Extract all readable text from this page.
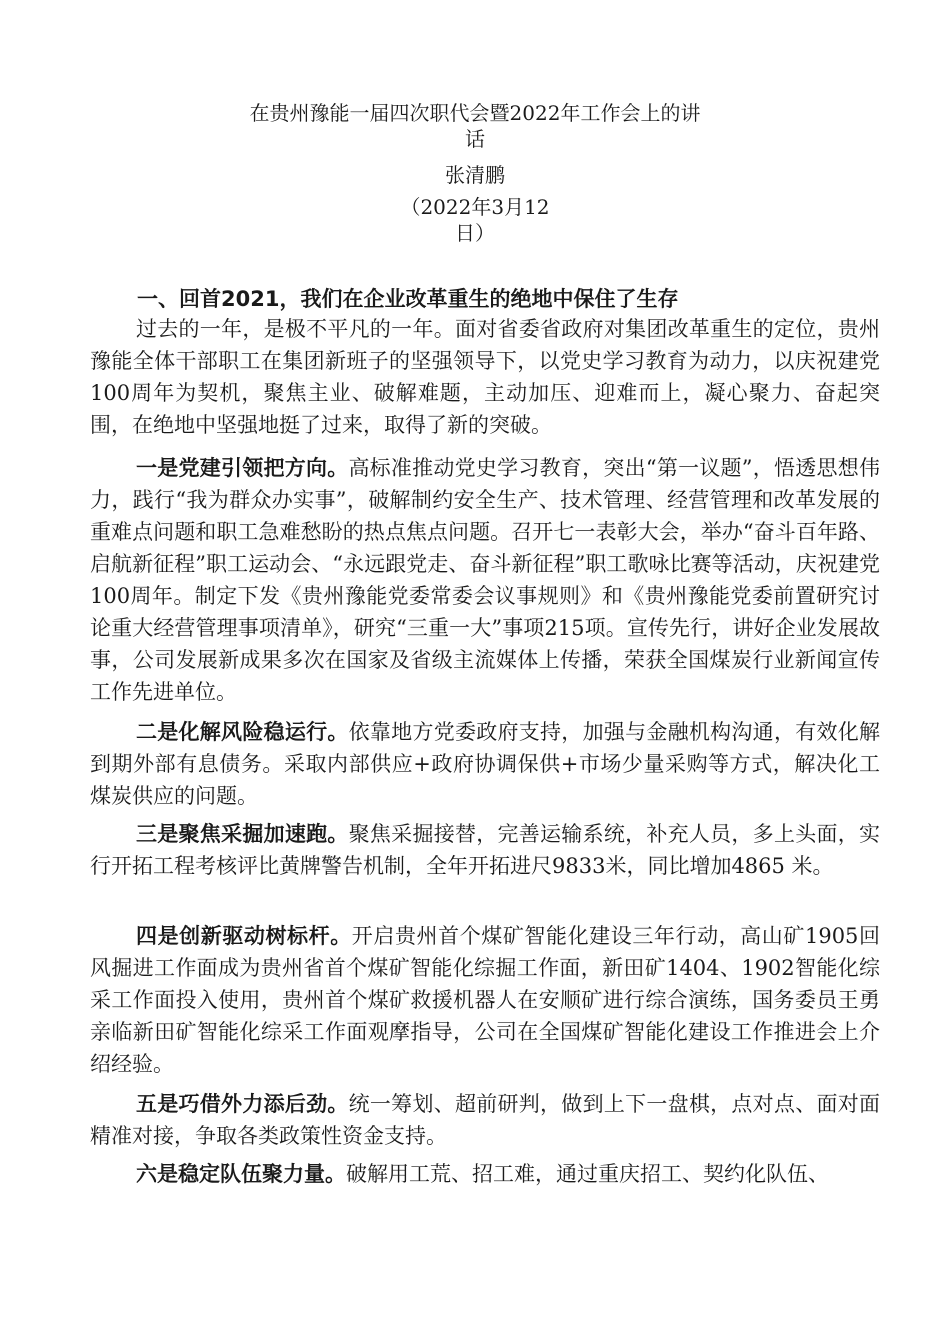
在贵州豫能一届四次职代会暨2022年工作会上的讲
话
张清鹏
（2022年3月12
日）
一、回首2021，我们在企业改革重生的绝地中保住了生存
过去的一年，是极不平凡的一年。面对省委省政府对集团改革重生的定位，贵州豫能全体干部职工在集团新班子的坚强领导下，以党史学习教育为动力，以庆祝建党100周年为契机，聚焦主业、破解难题，主动加压、迎难而上，凝心聚力、奋起突围，在绝地中坚强地挺了过来，取得了新的突破。
一是党建引领把方向。高标准推动党史学习教育，突出“第一议题”，悟透思想伟力，践行“我为群众办实事”，破解制约安全生产、技术管理、经营管理和改革发展的重难点问题和职工急难愁盼的热点焦点问题。召开七一表彰大会，举办“奋斗百年路、启航新征程”职工运动会、“永远跟党走、奋斗新征程”职工歌咏比赛等活动，庆祝建党100周年。制定下发《贵州豫能党委常委会议事规则》和《贵州豫能党委前置研究讨论重大经营管理事项清单》，研究“三重一大”事项215项。宣传先行，讲好企业发展故事，公司发展新成果多次在国家及省级主流媒体上传播，荣获全国煤炭行业新闻宣传工作先进单位。
二是化解风险稳运行。依靠地方党委政府支持，加强与金融机构沟通，有效化解到期外部有息债务。采取内部供应+政府协调保供+市场少量采购等方式，解决化工煤炭供应的问题。
三是聚焦采掘加速跑。聚焦采掘接替，完善运输系统，补充人员，多上头面，实行开拓工程考核评比黄牌警告机制，全年开拓进尺9833米，同比增加4865 米。
四是创新驱动树标杆。开启贵州首个煤矿智能化建设三年行动，高山矿1905回风掘进工作面成为贵州省首个煤矿智能化综掘工作面，新田矿1404、1902智能化综采工作面投入使用，贵州首个煤矿救援机器人在安顺矿进行综合演练，国务委员王勇亲临新田矿智能化综采工作面观摩指导，公司在全国煤矿智能化建设工作推进会上介绍经验。
五是巧借外力添后劲。统一筹划、超前研判，做到上下一盘棋，点对点、面对面精准对接，争取各类政策性资金支持。
六是稳定队伍聚力量。破解用工荒、招工难，通过重庆招工、契约化队伍、
